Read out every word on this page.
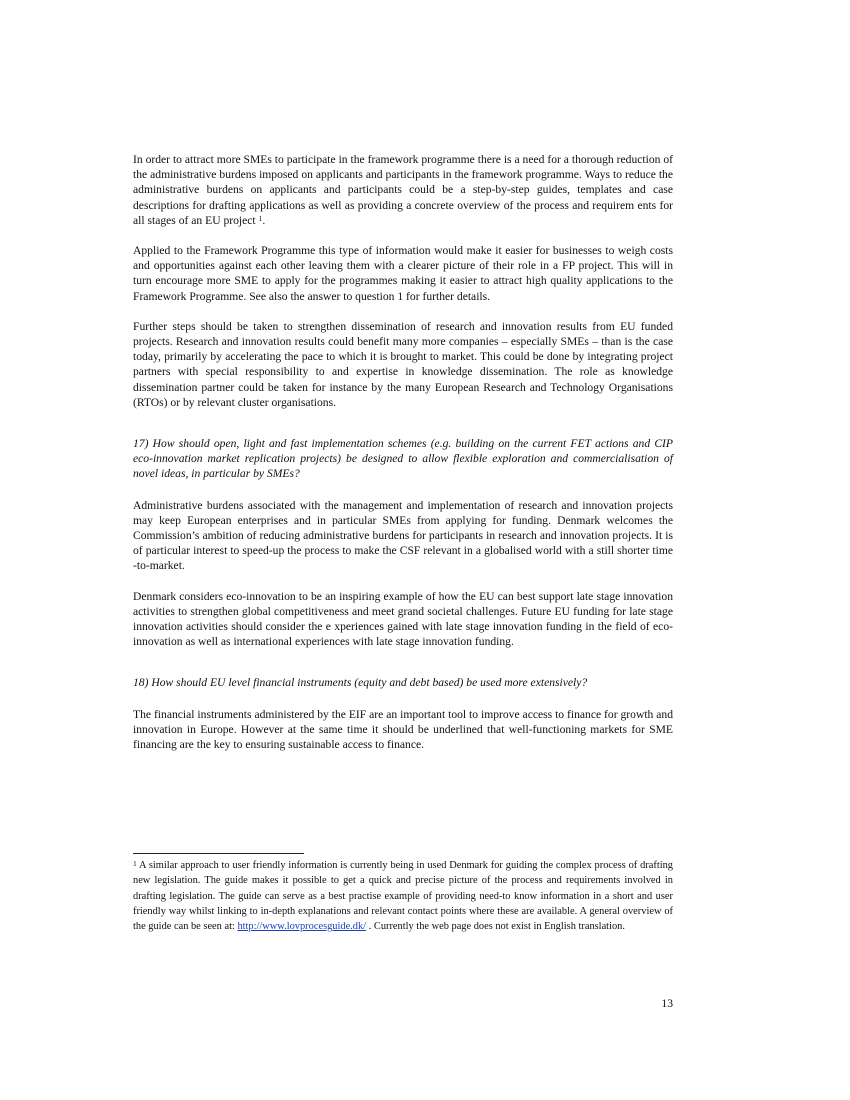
In order to attract more SMEs to participate in the framework programme there is a need for a thorough reduction of the administrative burdens imposed on applicants and participants in the framework programme. Ways to reduce the administrative burdens on applicants and participants could be a step-by-step guides, templates and case descriptions for drafting applications as well as providing a concrete overview of the process and requirem ents for all stages of an EU project $^1$.

Applied to the Framework Programme this type of information would make it easier for businesses to weigh costs and opportunities against each other leaving them with a clearer picture of their role in a FP project. This will in turn encourage more SME to apply for the programmes making it easier to attract high quality applications to the Framework Programme. See also the answer to question 1 for further details.

Further steps should be taken to strengthen dissemination of research and innovation results from EU funded projects. Research and innovation results could benefit many more companies – especially SMEs – than is the case today, primarily by accelerating the pace to which it is brought to market. This could be done by integrating project partners with special responsibility to and expertise in knowledge dissemination. The role as knowledge dissemination partner could be taken for instance by the many European Research and Technology Organisations (RTOs) or by relevant cluster organisations.

17) How should open, light and fast implementation schemes (e.g. building on the current FET actions and CIP eco-innovation market replication projects) be designed to allow flexible exploration and commercialisation of novel ideas, in particular by SMEs?

Administrative burdens associated with the management and implementation of research and innovation projects may keep European enterprises and in particular SMEs from applying for funding. Denmark welcomes the Commission’s ambition of reducing administrative burdens for participants in research and innovation projects. It is of particular interest to speed-up the process to make the CSF relevant in a globalised world with a still shorter time -to-market.

Denmark considers eco-innovation to be an inspiring example of how the EU can best support late stage innovation activities to strengthen global competitiveness and meet grand societal challenges. Future EU funding for late stage innovation activities should consider the e xperiences gained with late stage innovation funding in the field of eco-innovation as well as international experiences with late stage innovation funding.

18) How should EU level financial instruments (equity and debt based) be used more extensively?

The financial instruments administered by the EIF are an important tool to improve access to finance for growth and innovation in Europe. However at the same time it should be underlined that well-functioning markets for SME financing are the key to ensuring sustainable access to finance.

$^1$ A similar approach to user friendly information is currently being in used Denmark for guiding the complex process of drafting new legislation. The guide makes it possible to get a quick and precise picture of the process and requirements involved in drafting legislation. The guide can serve as a best practise example of providing need-to know information in a short and user friendly way whilst linking to in-depth explanations and relevant contact points where these are available. A general overview of the guide can be seen at: http://www.lovprocesguide.dk/ . Currently the web page does not exist in English translation.
13
